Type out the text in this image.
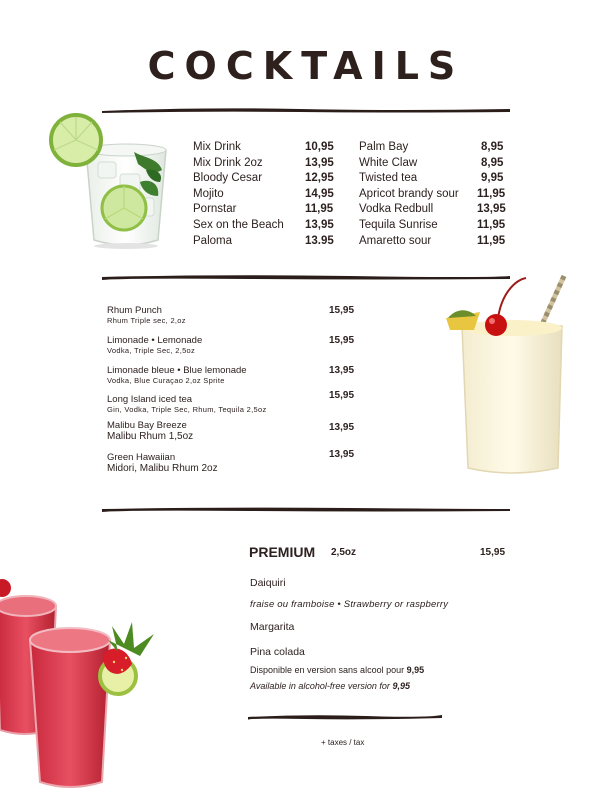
COCKTAILS
Mix Drink	10,95
Mix Drink 2oz	13,95
Bloody Cesar	12,95
Mojito	14,95
Pornstar	11,95
Sex on the Beach 13,95
Paloma	13.95
Palm Bay	8,95
White Claw	8,95
Twisted tea	9,95
Apricot brandy sour 11,95
Vodka Redbull	13,95
Tequila Sunrise	11,95
Amaretto sour	11,95
Rhum Punch
Rhum Triple sec, 2,oz
15,95
Limonade • Lemonade
Vodka, Triple Sec, 2,5oz
15,95
Limonade bleue • Blue lemonade
Vodka, Blue Curaçao 2,oz Sprite
13,95
Long Island iced tea
Gin, Vodka, Triple Sec, Rhum, Tequila 2,5oz
15,95
Malibu Bay Breeze
Malibu Rhum 1,5oz
13,95
Green Hawaiian
Midori, Malibu Rhum 2oz
13,95
PREMIUM 2,5oz	15,95
Daiquiri
fraise ou framboise • Strawberry or raspberry
Margarita
Pina colada
Disponible en version sans alcool pour 9,95
Available in alcohol-free version for 9,95
+ taxes / tax
